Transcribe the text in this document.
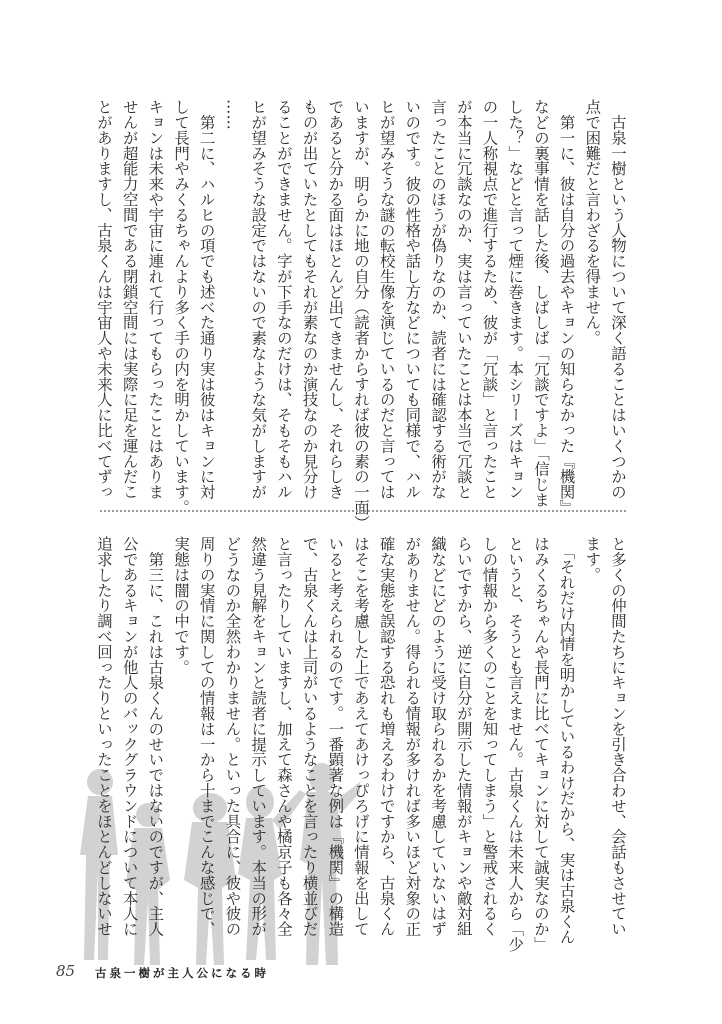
　古泉一樹という人物について深く語ることはいくつかの
点で困難だと言わざるを得ません。
　第一に、彼は自分の過去やキョンの知らなかった『機関』
などの裏事情を話した後、しばしば「冗談ですよ」「信じま
した？」などと言って煙に巻きます。本シリーズはキョン
の一人称視点で進行するため、彼が「冗談」と言ったこと
が本当に冗談なのか、実は言っていたことは本当で冗談と
言ったことのほうが偽りなのか、読者には確認する術がな
いのです。彼の性格や話し方などについても同様で、ハル
ヒが望みそうな謎の転校生像を演じているのだと言っては
いますが、明らかに地の自分（読者からすれば彼の素の一面）
であると分かる面はほとんど出てきませんし、それらしき
ものが出ていたとしてもそれが素なのか演技なのか見分け
ることができません。字が下手なのだけは、そもそもハル
ヒが望みそうな設定ではないので素なような気がしますが
……
　第二に、ハルヒの項でも述べた通り実は彼はキョンに対
して長門やみくるちゃんより多く手の内を明かしています。
キョンは未来や宇宙に連れて行ってもらったことはありま
せんが超能力空間である閉鎖空間には実際に足を運んだこ
とがありますし、古泉くんは宇宙人や未来人に比べてずっ
と多くの仲間たちにキョンを引き合わせ、会話もさせてい
ます。
　「それだけ内情を明かしているわけだから、実は古泉くん
はみくるちゃんや長門に比べてキョンに対して誠実なのか」
というと、そうとも言えません。古泉くんは未来人から「少
しの情報から多くのことを知ってしまう」と警戒されるく
らいですから、逆に自分が開示した情報がキョンや敵対組
織などにどのように受け取られるかを考慮していないはず
がありません。得られる情報が多ければ多いほど対象の正
確な実態を誤認する恐れも増えるわけですから、古泉くん
はそこを考慮した上であえてあけっぴろげに情報を出して
いると考えられるのです。一番顕著な例は『機関』の構造
で、古泉くんは上司がいるようなことを言ったり横並びだ
と言ったりしていますし、加えて森さんや橘京子も各々全
然違う見解をキョンと読者に提示しています。本当の形が
どうなのか全然わかりません。といった具合に、彼や彼の
周りの実情に関しての情報は一から十までこんな感じで、
実態は闇の中です。
　第三に、これは古泉くんのせいではないのですが、主人
公であるキョンが他人のバックグラウンドについて本人に
追求したり調べ回ったりといったことをほとんどしないせ
85 古泉一樹が主人公になる時
